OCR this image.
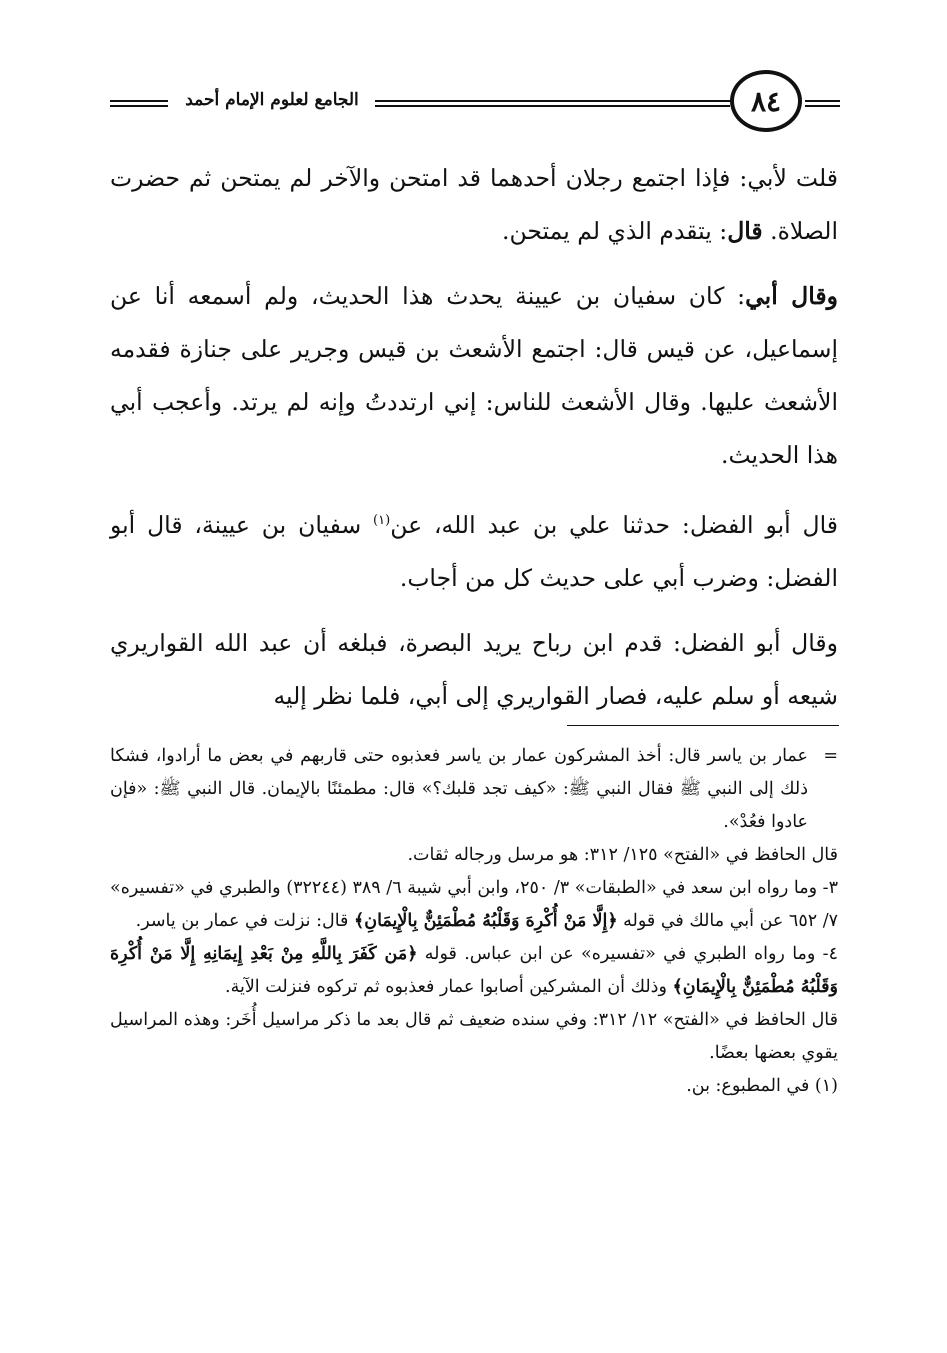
الجامع لعلوم الإمام أحمد	٨٤

قلت لأبي: فإذا اجتمع رجلان أحدهما قد امتحن والآخر لم يمتحن ثم حضرت الصلاة. قال: يتقدم الذي لم يمتحن.

وقال أبي: كان سفيان بن عيينة يحدث هذا الحديث، ولم أسمعه أنا عن إسماعيل، عن قيس قال: اجتمع الأشعث بن قيس وجرير على جنازة فقدمه الأشعث عليها. وقال الأشعث للناس: إني ارتددتُ وإنه لم يرتد. وأعجب أبي هذا الحديث.

قال أبو الفضل: حدثنا علي بن عبد الله، عن$^{(١)}$ سفيان بن عيينة، قال أبو الفضل: وضرب أبي على حديث كل من أجاب.

وقال أبو الفضل: قدم ابن رباح يريد البصرة، فبلغه أن عبد الله القواريري شيعه أو سلم عليه، فصار القواريري إلى أبي، فلما نظر إليه

=
عمار بن ياسر قال: أخذ المشركون عمار بن ياسر فعذبوه حتى قاربهم في بعض ما أرادوا، فشكا ذلك إلى النبي ﷺ فقال النبي ﷺ: «كيف تجد قلبك؟» قال: مطمئنًا بالإيمان. قال النبي ﷺ: «فإن عادوا فعُدْ».

قال الحافظ في «الفتح» ١٢٥/ ٣١٢: هو مرسل ورجاله ثقات.

٣- وما رواه ابن سعد في «الطبقات» ٣/ ٢٥٠، وابن أبي شيبة ٦/ ٣٨٩ (٣٢٢٤٤) والطبري في «تفسيره» ٧/ ٦٥٢ عن أبي مالك في قوله ﴿إِلَّا مَنْ أُكْرِهَ وَقَلْبُهُ مُطْمَئِنٌّ بِالْإِيمَانِ﴾ قال: نزلت في عمار بن ياسر.

٤- وما رواه الطبري في «تفسيره» عن ابن عباس. قوله ﴿مَن كَفَرَ بِاللَّهِ مِنْ بَعْدِ إِيمَانِهِ إِلَّا مَنْ أُكْرِهَ وَقَلْبُهُ مُطْمَئِنٌّ بِالْإِيمَانِ﴾ وذلك أن المشركين أصابوا عمار فعذبوه ثم تركوه فنزلت الآية.

قال الحافظ في «الفتح» ١٢/ ٣١٢: وفي سنده ضعيف ثم قال بعد ما ذكر مراسيل أُخَر: وهذه المراسيل يقوي بعضها بعضًا.

(١) في المطبوع: بن.
